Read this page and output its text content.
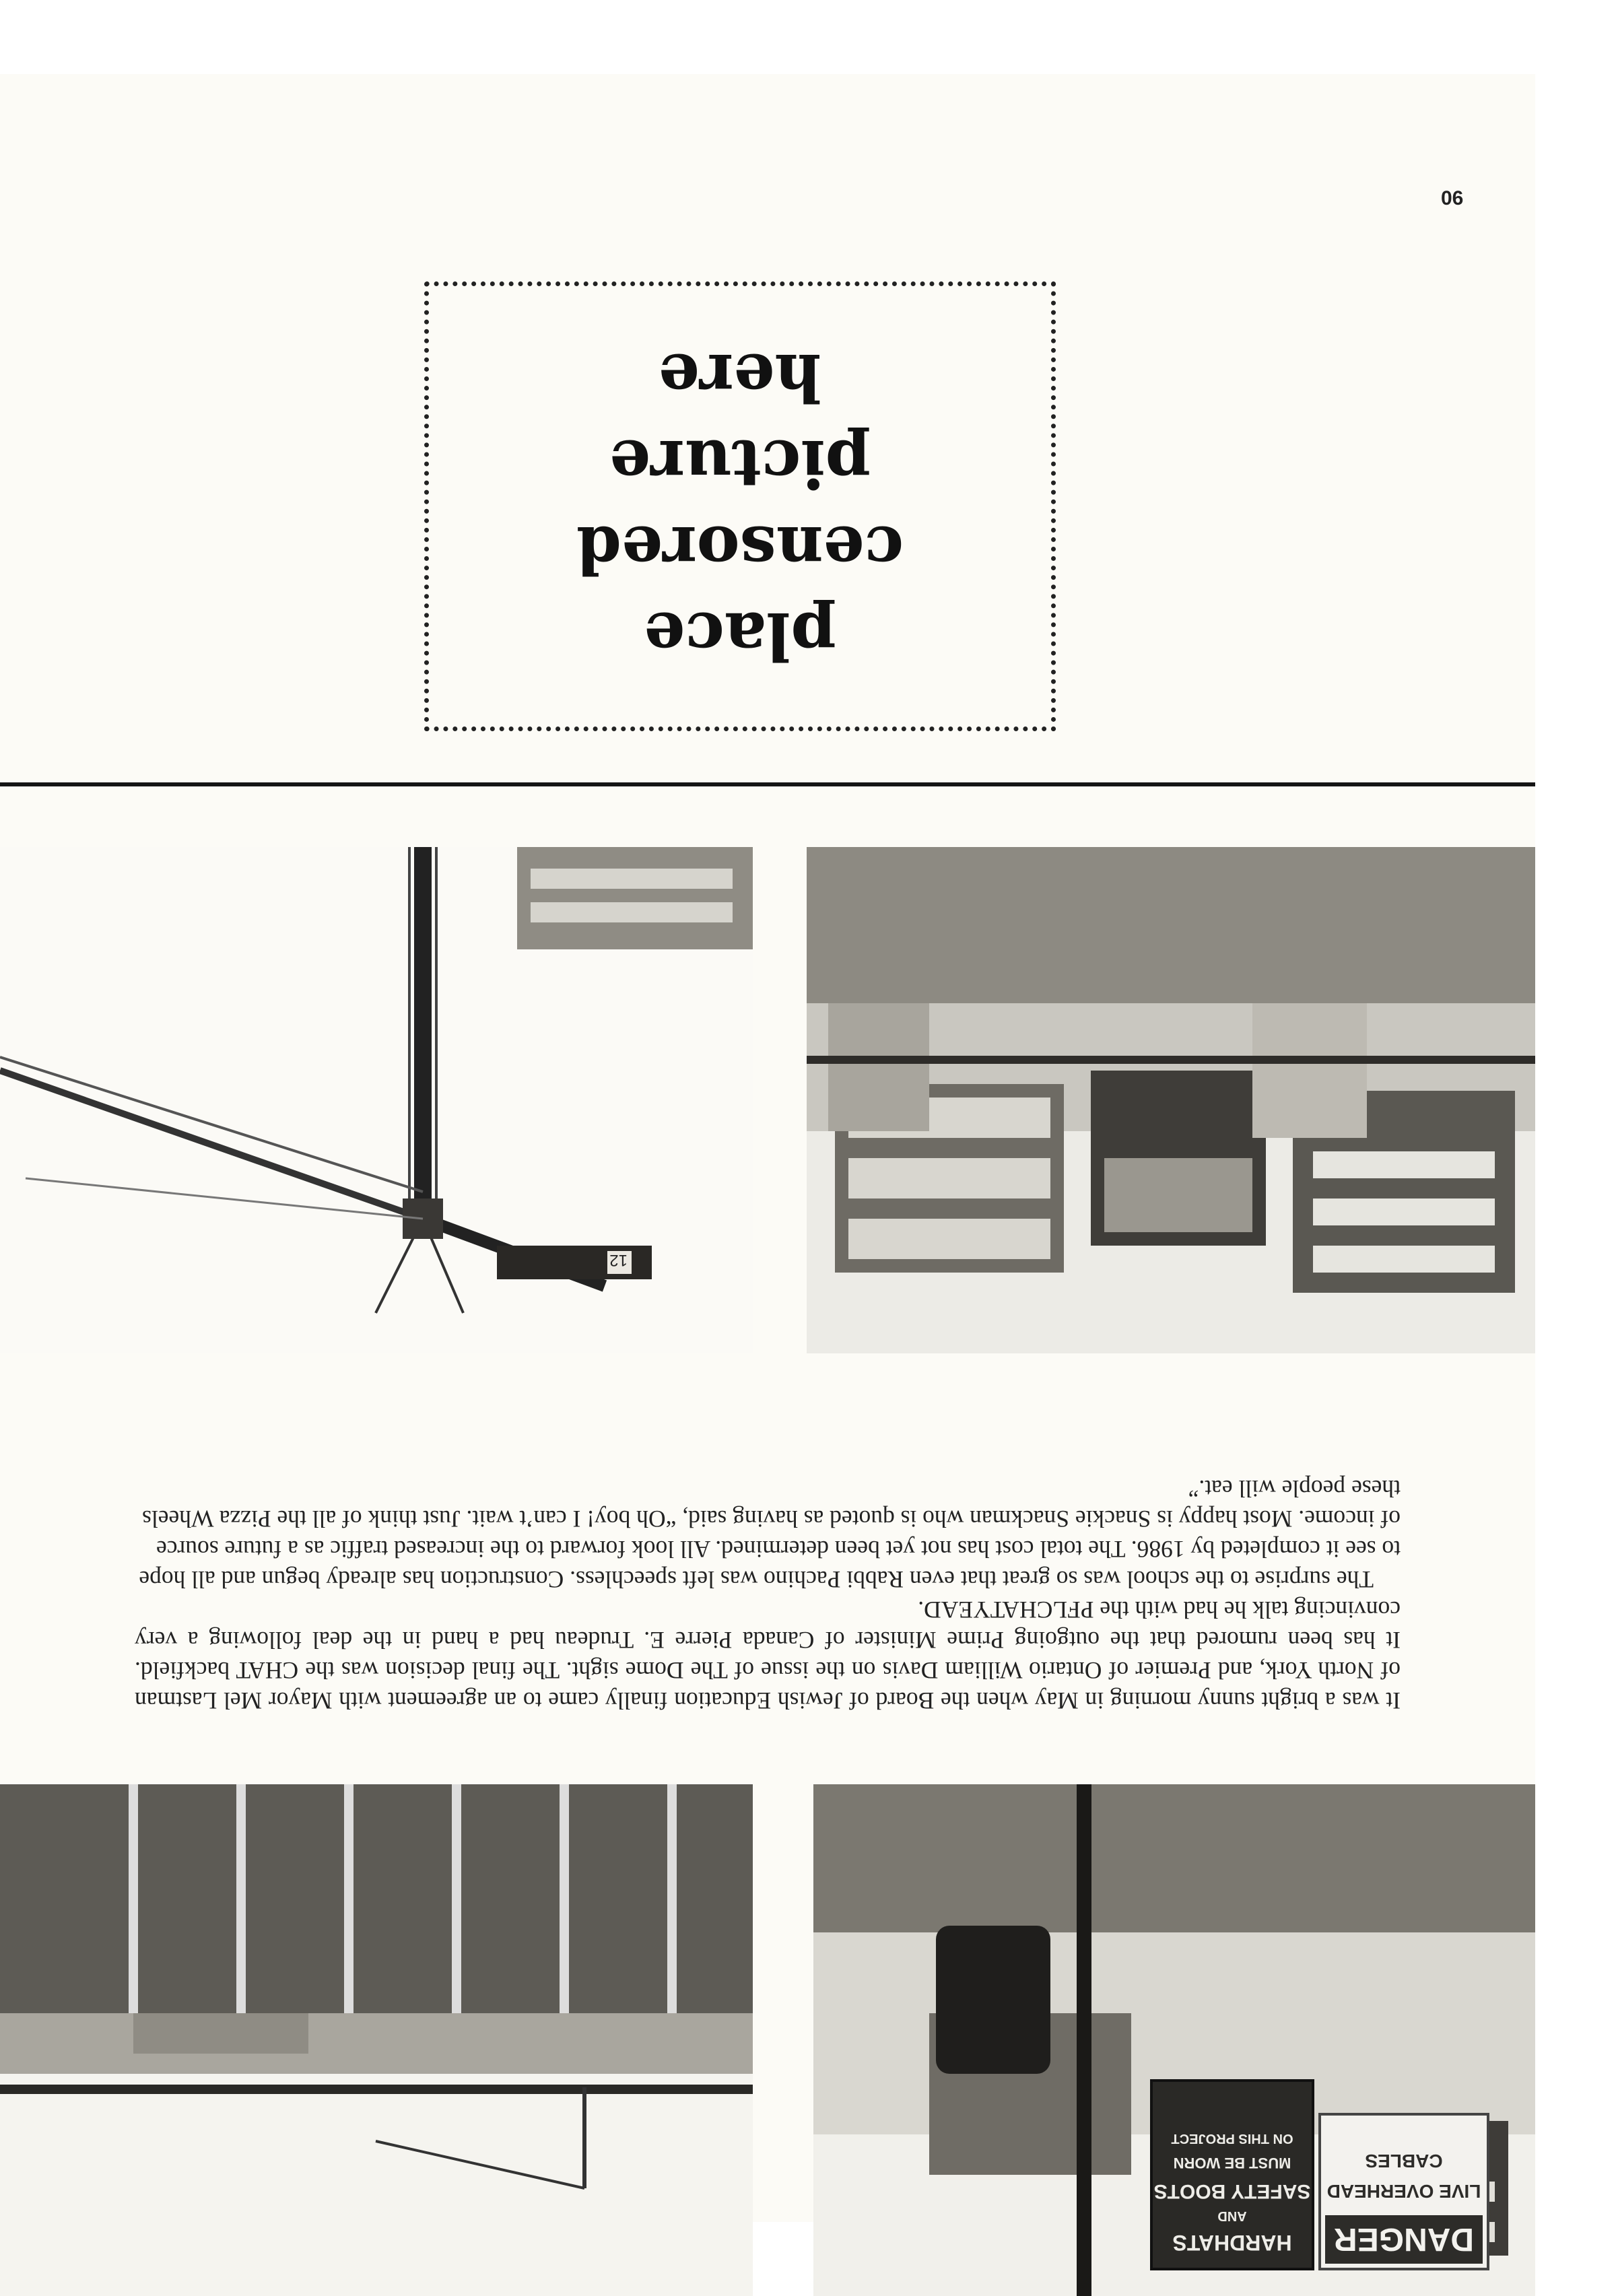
06
place
censored
picture
here
12

It was a bright sunny morning in May when the Board of Jewish Education finally came to an agreement with Mayor Mel Lastman of North York, and Premier of Ontario William Davis on the issue of The Dome sight. The final decision was the CHAT backfield. It has been rumored that the outgoing Prime Minister of Canada Pierre E. Trudeau had a hand in the deal following a very convincing talk he had with the PFLCHATYEAD.

The surprise to the school was so great that even Rabbi Pachino was left speechless. Construction has already begun and all hope to see it completed by 1986. The total cost has not yet been determined. All look forward to the increased traffic as a future source of income. Most happy is Snackie Snackman who is quoted as having said, “Oh boy! I can’t wait. Just think of all the Pizza Wheels these people will eat.”

DANGER
LIVE OVERHEAD
CABLES
HARDHATS
AND
SAFETY BOOTS
MUST BE WORN
ON THIS PROJECT
